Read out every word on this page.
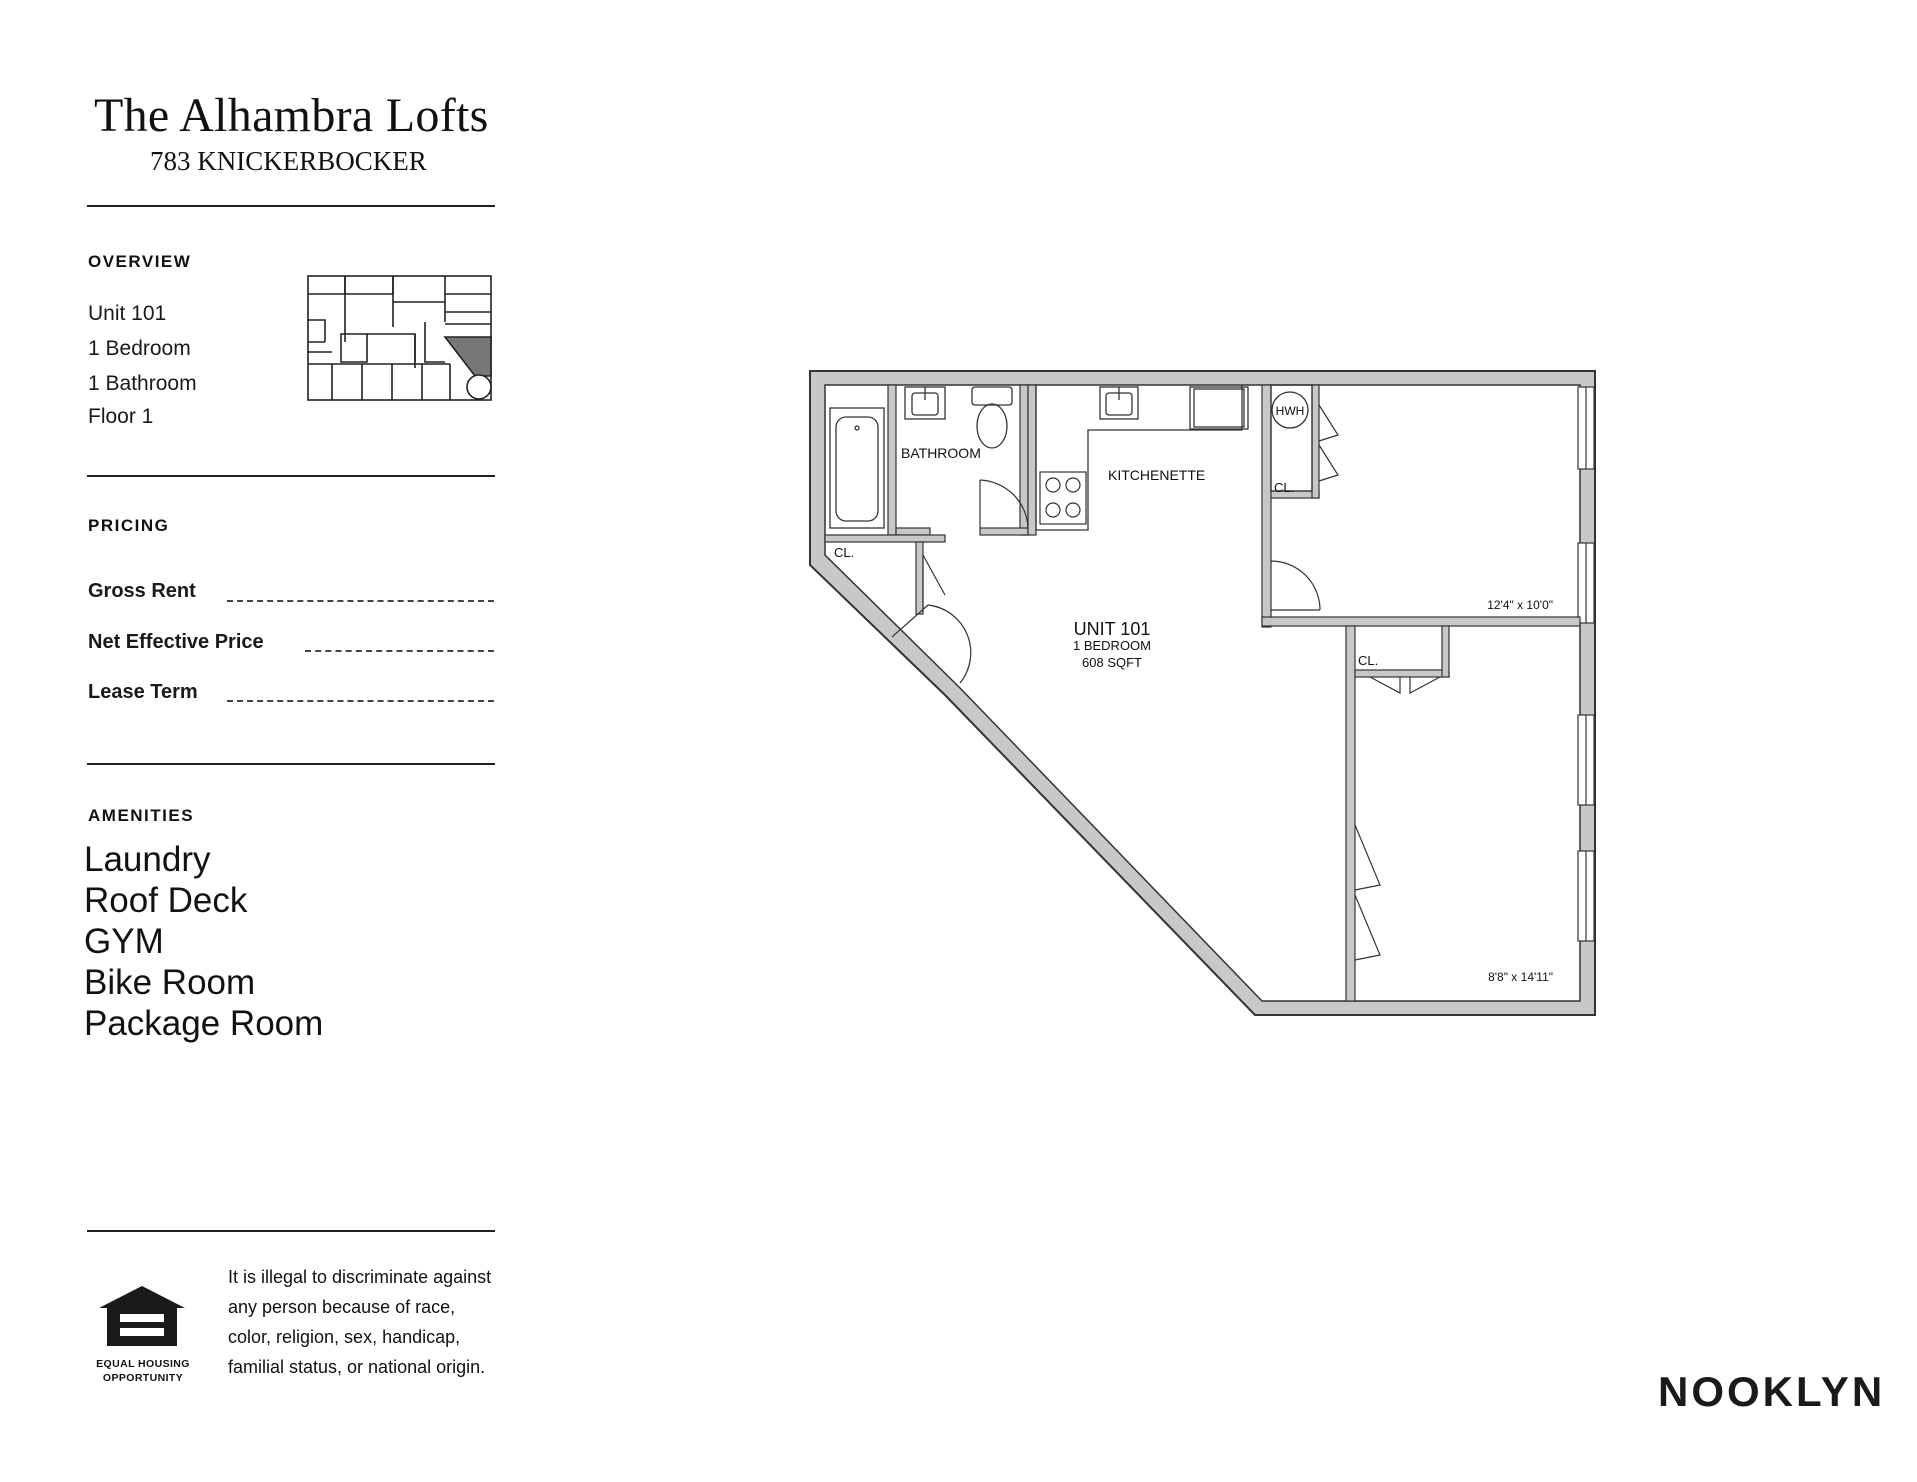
The Alhambra Lofts
783 KNICKERBOCKER
OVERVIEW
Unit 101
1 Bedroom
1 Bathroom
Floor 1
PRICING
Gross Rent
Net Effective Price
Lease Term
AMENITIES
Laundry
Roof Deck
GYM
Bike Room
Package Room
EQUAL HOUSING
OPPORTUNITY
It is illegal to discriminate against any person because of race, color, religion, sex, handicap, familial status, or national origin.
NOOKLYN
BATHROOM
KITCHENETTE
CL.
CL.
CL.
HWH
UNIT 101
1 BEDROOM
608 SQFT
12'4" x 10'0"
8'8" x 14'11"
